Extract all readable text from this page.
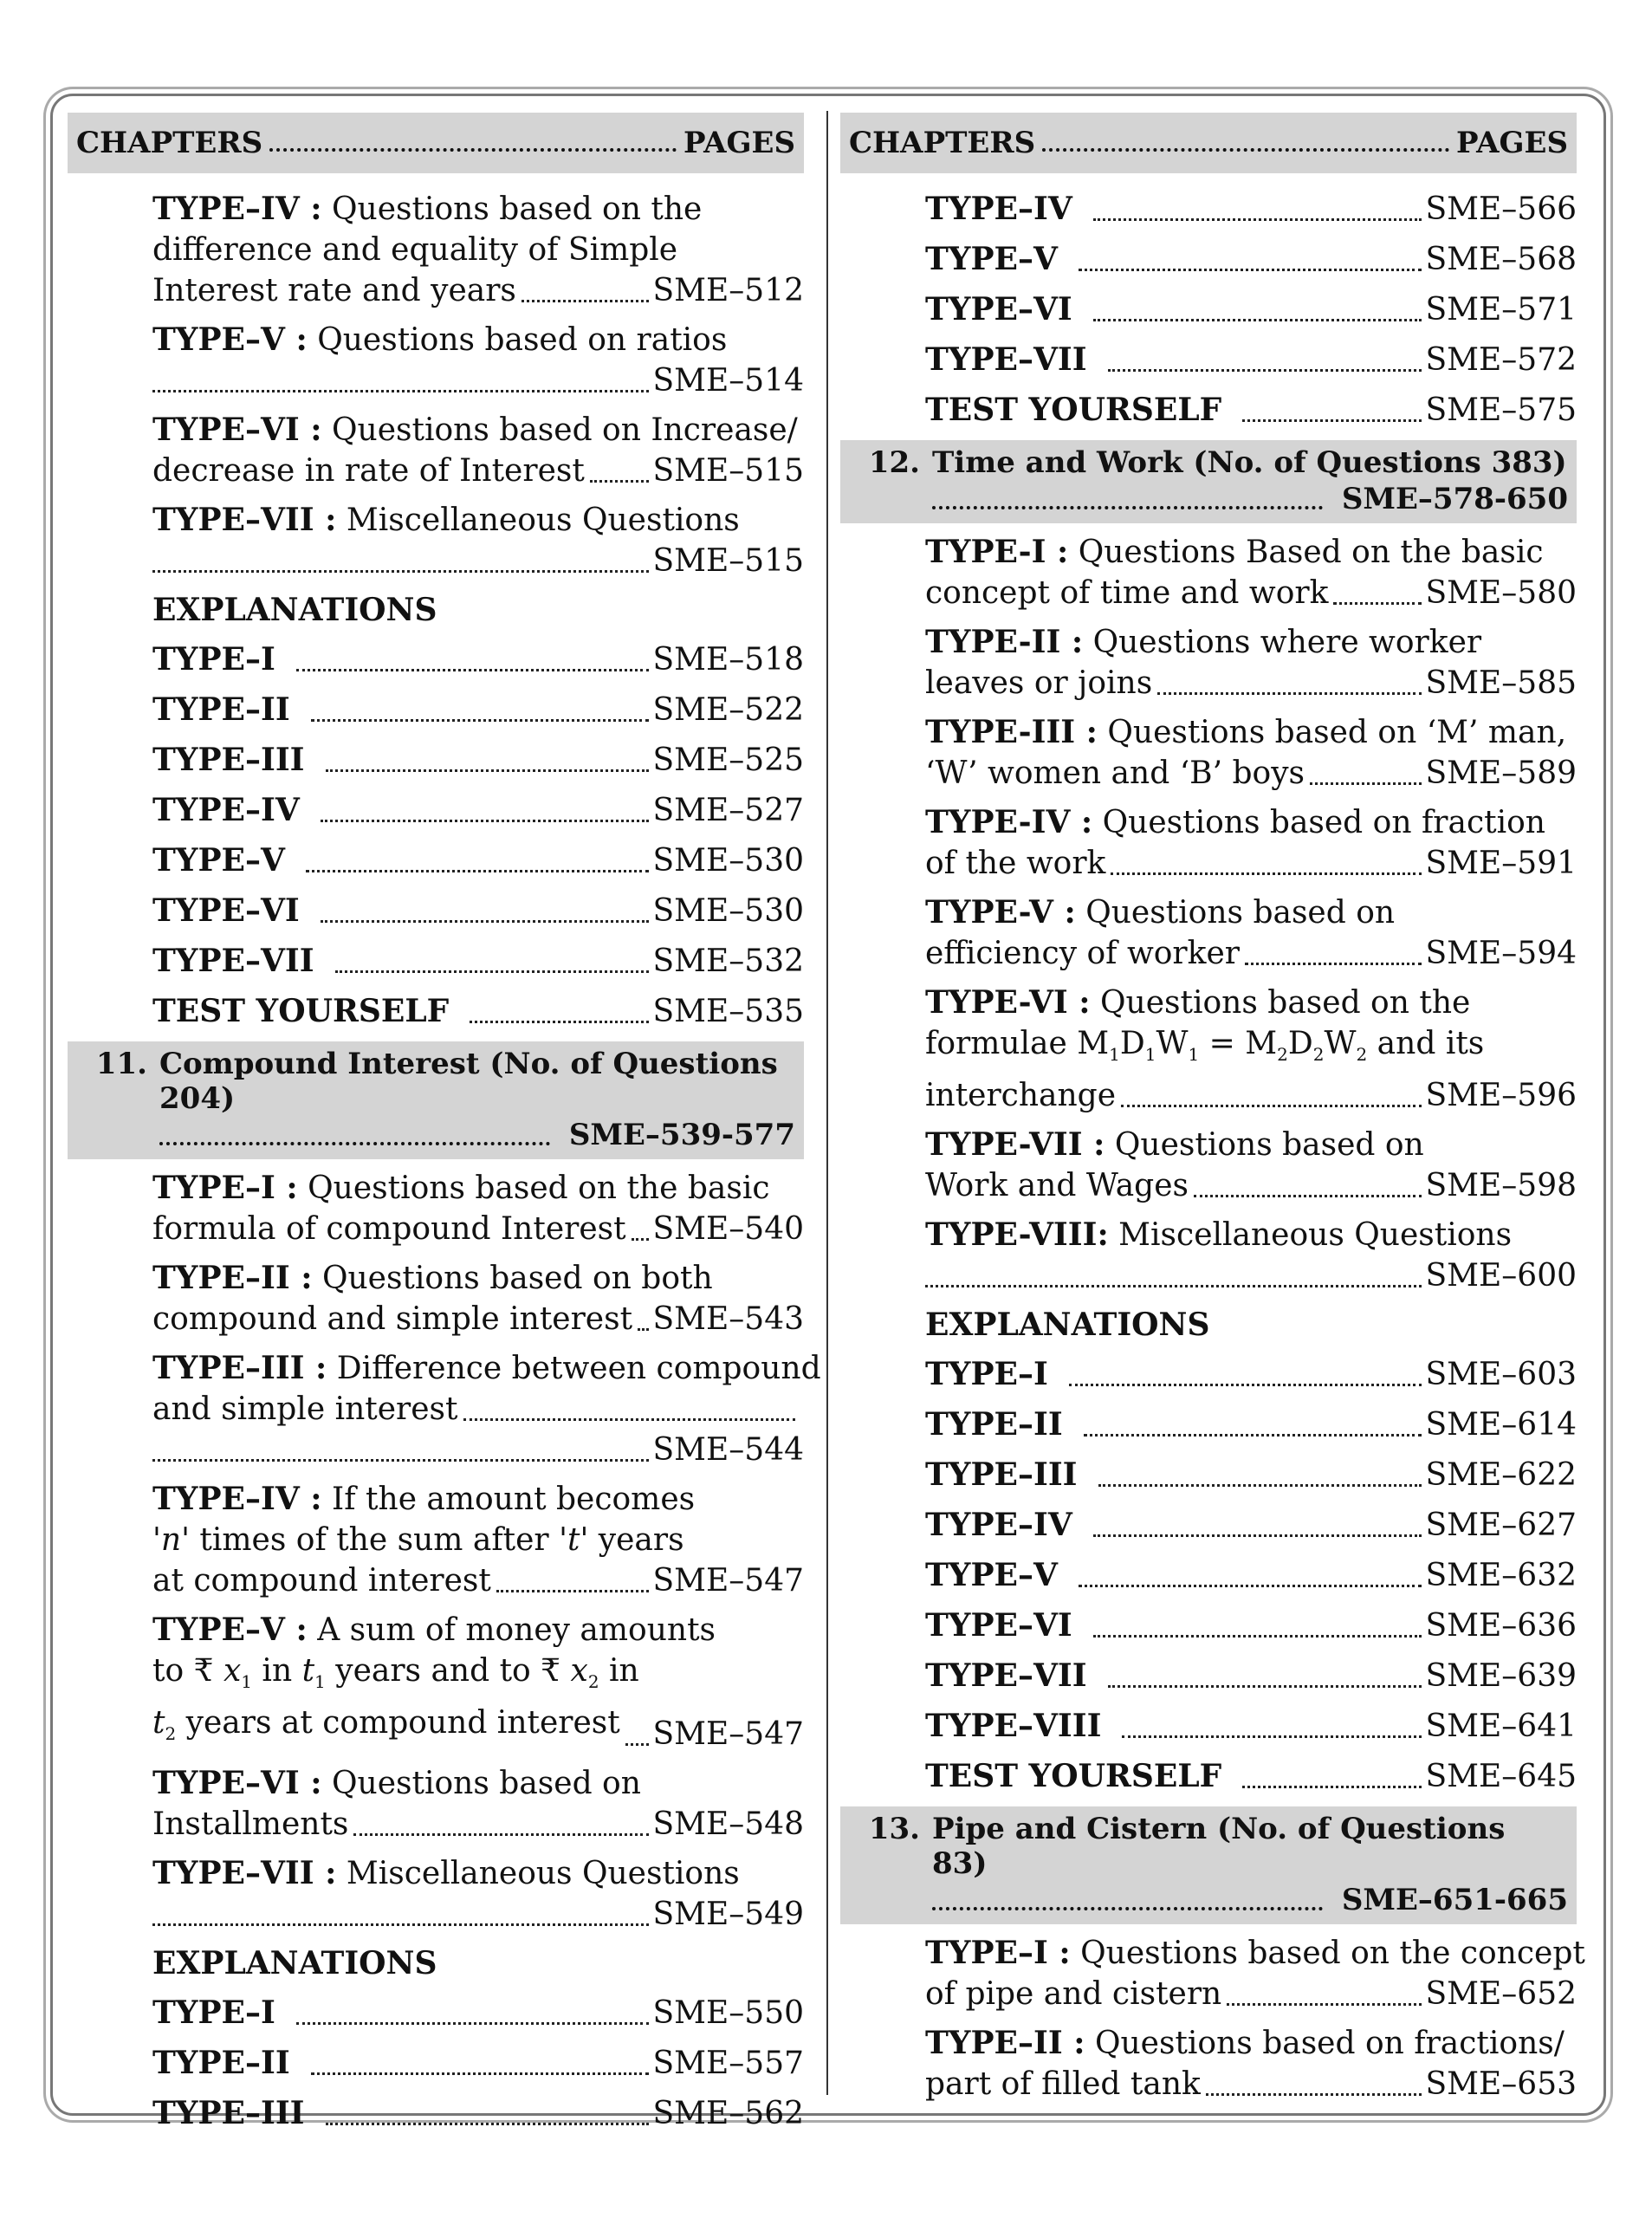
CHAPTERS	PAGES
TYPE–IV : Questions based on the
difference and equality of Simple
Interest rate and years	SME–512
TYPE–V : Questions based on ratios
SME–514
TYPE–VI : Questions based on Increase/
decrease in rate of Interest SME–515
TYPE–VII : Miscellaneous Questions
SME–515
EXPLANATIONS
TYPE–I	SME–518
TYPE–II	SME–522
TYPE–III	SME–525
TYPE–IV	SME–527
TYPE–V	SME–530
TYPE–VI	SME–530
TYPE–VII	SME–532
TEST YOURSELF	SME–535
11. Compound Interest (No. of Questions 204)
SME–539-577
TYPE–I : Questions based on the basic
formula of compound Interest SME–540
TYPE–II : Questions based on both
compound and simple interest SME–543
TYPE–III : Difference between compound
and simple interest
SME–544
TYPE–IV : If the amount becomes
'n' times of the sum after 't' years
at compound interest	SME–547
TYPE–V : A sum of money amounts
to ₹ $x_1$ in $t_1$ years and to ₹ $x_2$ in
$t_2$ years at compound interest SME–547
TYPE–VI : Questions based on
Installments	SME–548
TYPE–VII : Miscellaneous Questions
SME–549
EXPLANATIONS
TYPE–I	SME–550
TYPE–II	SME–557
TYPE–III	SME–562
CHAPTERS	PAGES
TYPE–IV	SME–566
TYPE–V	SME–568
TYPE–VI	SME–571
TYPE–VII	SME–572
TEST YOURSELF	SME–575
12. Time and Work (No. of Questions 383)
SME–578-650
TYPE-I : Questions Based on the basic
concept of time and work	SME–580
TYPE-II : Questions where worker
leaves or joins	SME–585
TYPE-III : Questions based on ‘M’ man,
‘W’ women and ‘B’ boys	SME–589
TYPE-IV : Questions based on fraction
of the work	SME–591
TYPE-V : Questions based on
efficiency of worker	SME–594
TYPE-VI : Questions based on the
formulae $M_1D_1W_1 = M_2D_2W_2$ and its
interchange	SME–596
TYPE-VII : Questions based on
Work and Wages	SME–598
TYPE-VIII: Miscellaneous Questions
SME–600
EXPLANATIONS
TYPE–I	SME–603
TYPE–II	SME–614
TYPE–III	SME–622
TYPE–IV	SME–627
TYPE–V	SME–632
TYPE–VI	SME–636
TYPE–VII	SME–639
TYPE–VIII	SME–641
TEST YOURSELF	SME–645
13. Pipe and Cistern (No. of Questions 83)
SME–651-665
TYPE–I : Questions based on the concept
of pipe and cistern	SME–652
TYPE–II : Questions based on fractions/
part of filled tank	SME–653
